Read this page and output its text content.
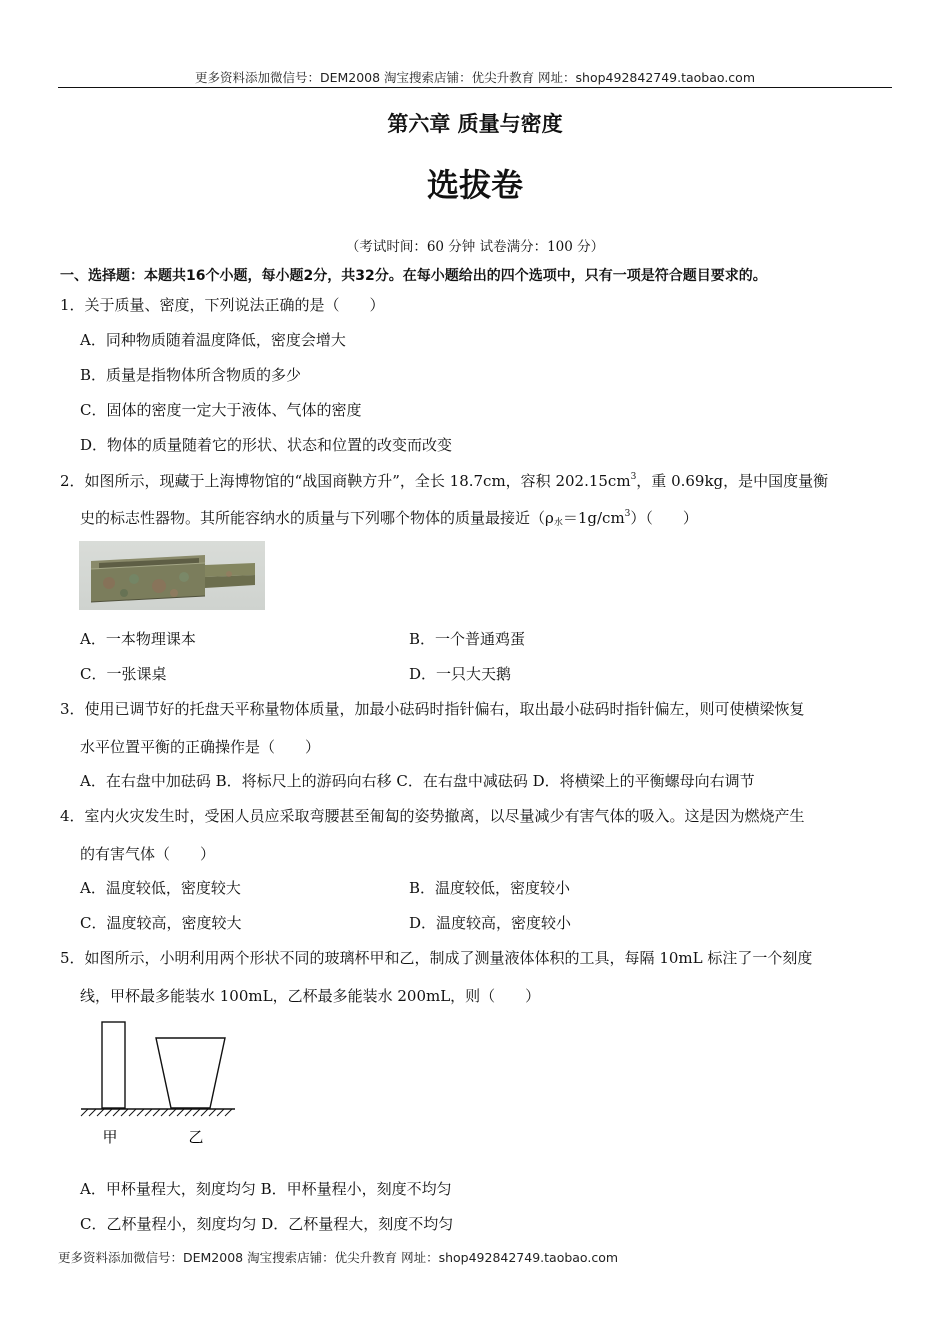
更多资料添加微信号：DEM2008 淘宝搜索店铺：优尖升教育 网址：shop492842749.taobao.com
第六章 质量与密度
选拔卷
（考试时间：60 分钟 试卷满分：100 分）
一、选择题：本题共16个小题，每小题2分，共32分。在每小题给出的四个选项中，只有一项是符合题目要求的。
1．关于质量、密度，下列说法正确的是（　　）
A．同种物质随着温度降低，密度会增大
B．质量是指物体所含物质的多少
C．固体的密度一定大于液体、气体的密度
D．物体的质量随着它的形状、状态和位置的改变而改变
2．如图所示，现藏于上海博物馆的“战国商鞅方升”，全长 18.7cm，容积 $202.15cm^3$，重 0.69kg，是中国度量衡
史的标志性器物。其所能容纳水的质量与下列哪个物体的质量最接近$(\rho_水=1g/cm^3)$（　　）
A．一本物理课本	B．一个普通鸡蛋
C．一张课桌	D．一只大天鹅
3．使用已调节好的托盘天平称量物体质量，加最小砝码时指针偏右，取出最小砝码时指针偏左，则可使横梁恢复
水平位置平衡的正确操作是（　　）
A．在右盘中加砝码 B．将标尺上的游码向右移 C．在右盘中减砝码 D．将横梁上的平衡螺母向右调节
4．室内火灾发生时，受困人员应采取弯腰甚至匍匐的姿势撤离，以尽量减少有害气体的吸入。这是因为燃烧产生
的有害气体（　　）
A．温度较低，密度较大	B．温度较低，密度较小
C．温度较高，密度较大	D．温度较高，密度较小
5．如图所示，小明利用两个形状不同的玻璃杯甲和乙，制成了测量液体体积的工具，每隔 10mL 标注了一个刻度
线，甲杯最多能装水 100mL，乙杯最多能装水 200mL，则（　　）
甲	乙
A．甲杯量程大，刻度均匀 B．甲杯量程小，刻度不均匀
C．乙杯量程小，刻度均匀 D．乙杯量程大，刻度不均匀
更多资料添加微信号：DEM2008 淘宝搜索店铺：优尖升教育 网址：shop492842749.taobao.com
